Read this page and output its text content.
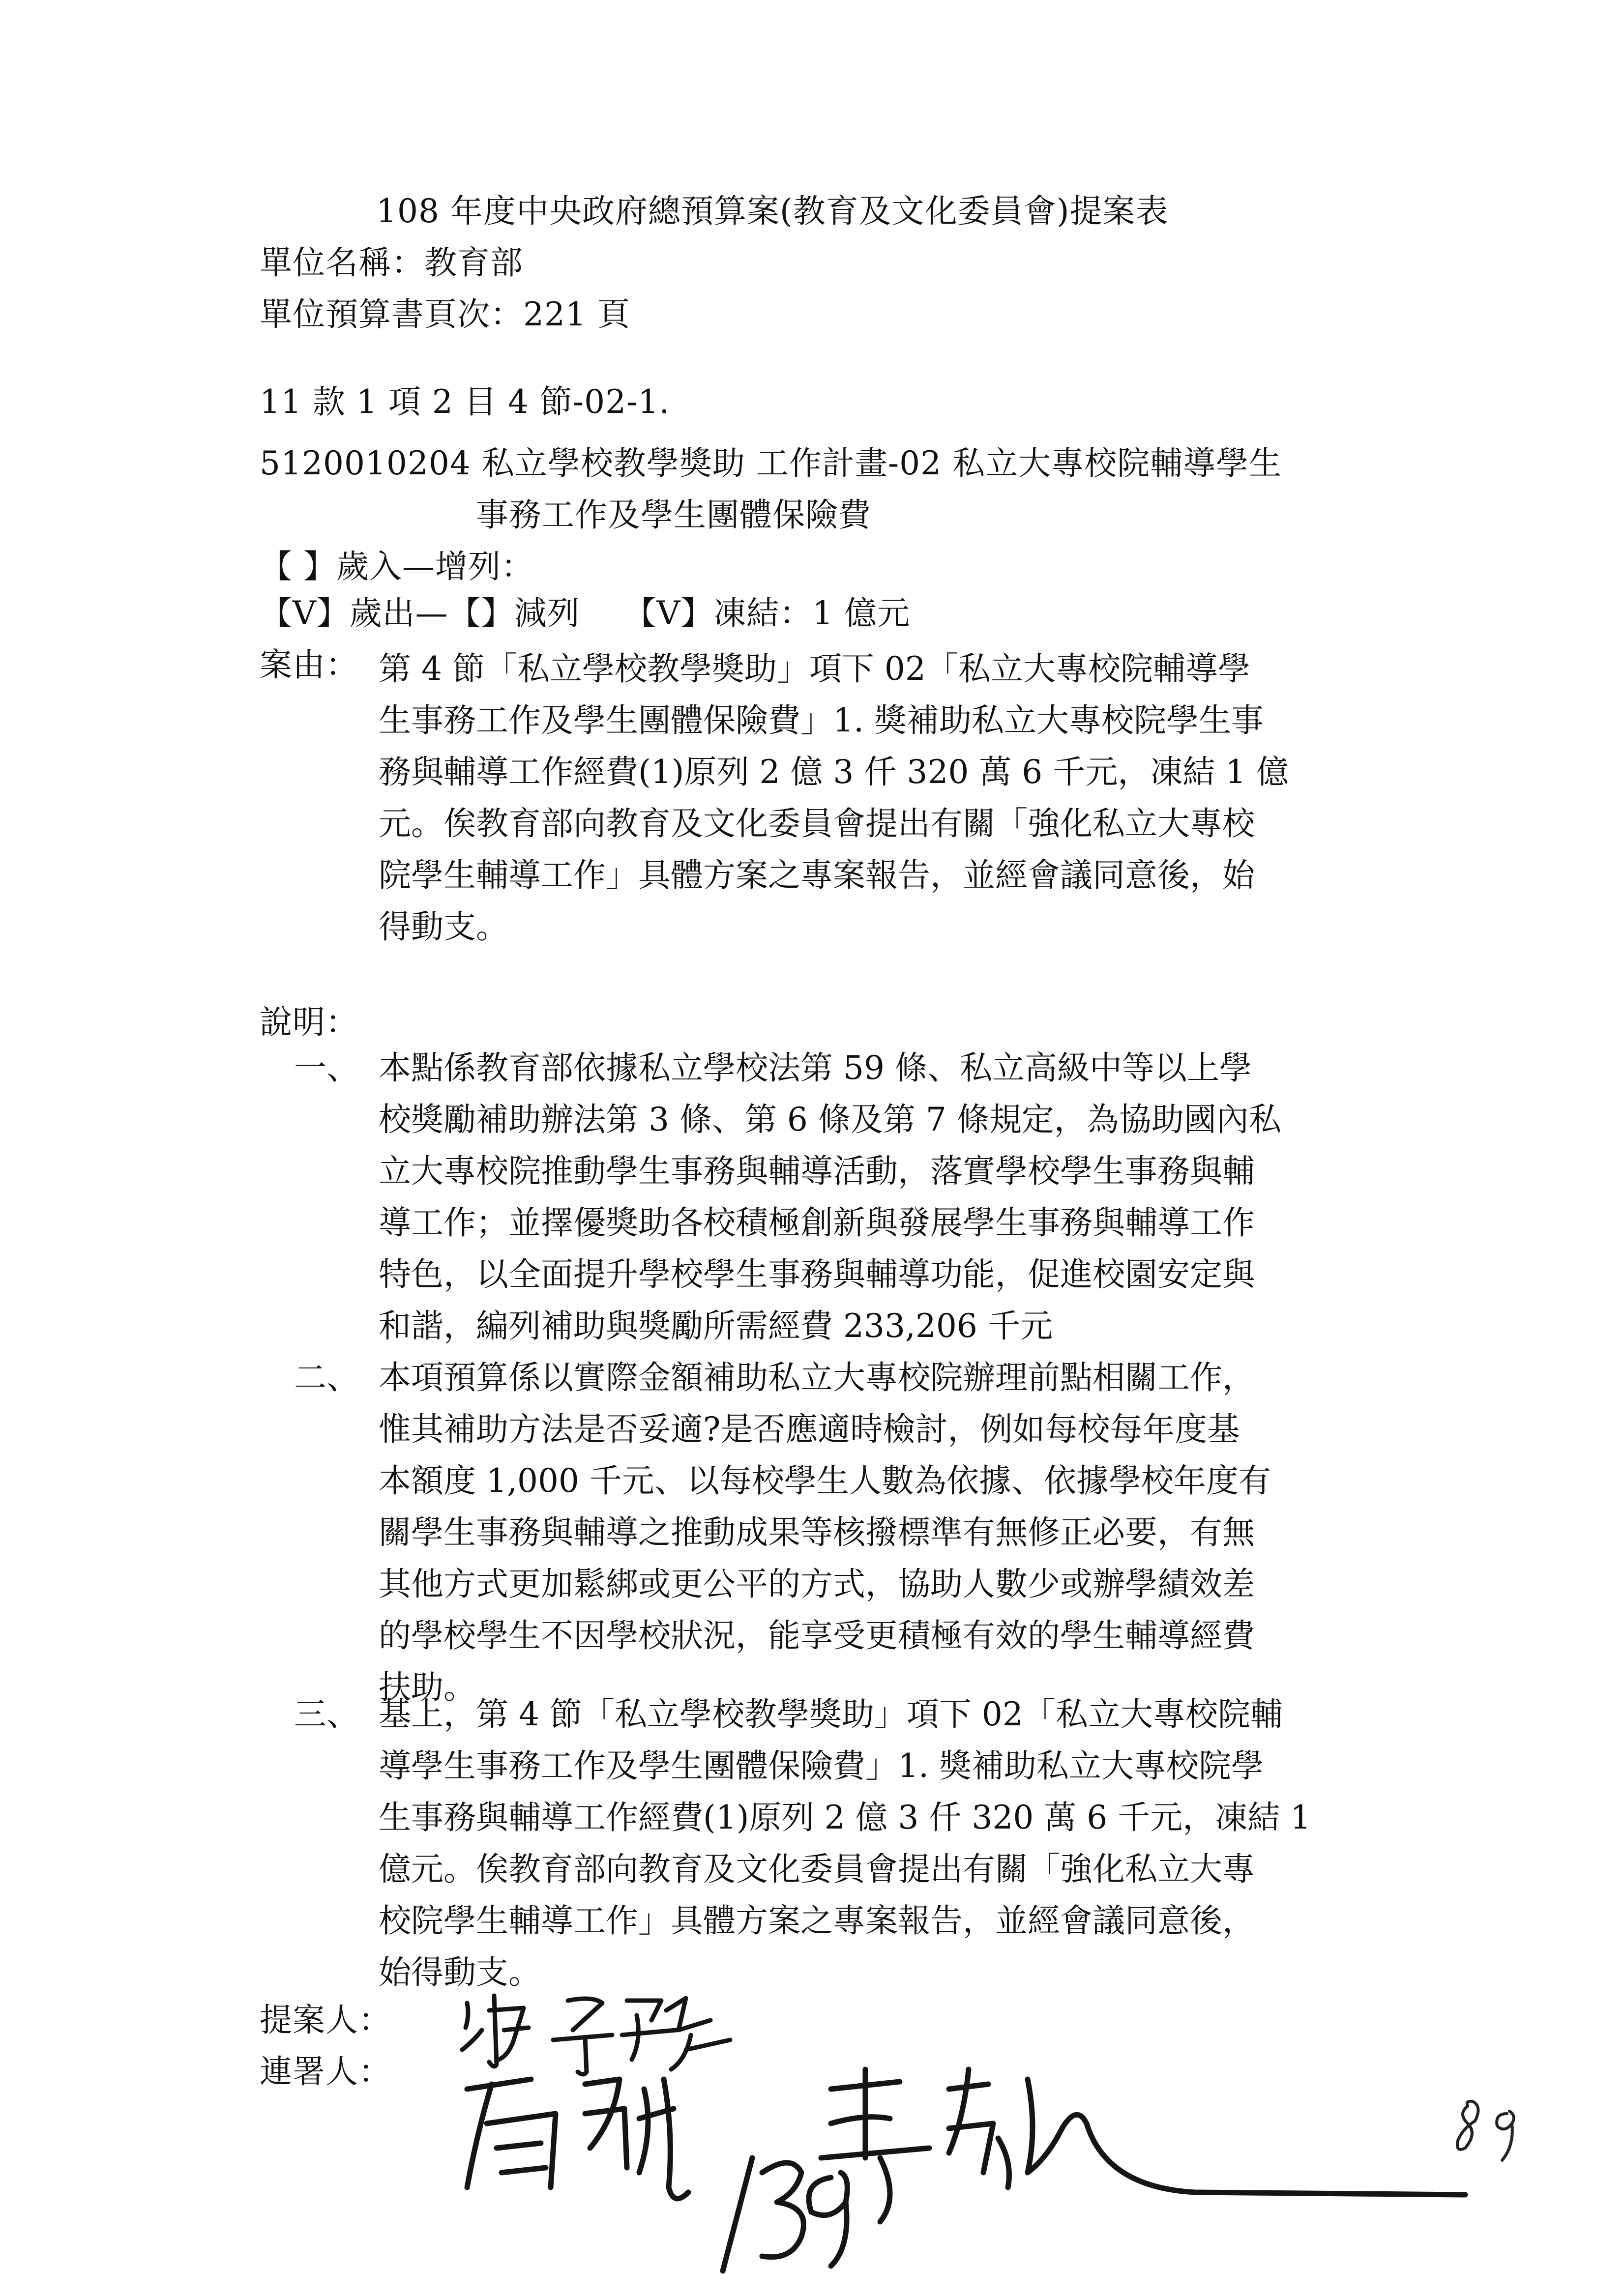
108 年度中央政府總預算案(教育及文化委員會)提案表
單位名稱：教育部
單位預算書頁次：221 頁
11 款 1 項 2 目 4 節-02-1.
5120010204 私立學校教學獎助 工作計畫-02 私立大專校院輔導學生
事務工作及學生團體保險費
【 】歲入—增列：
【V】歲出—【】減列　 【V】凍結：1 億元
案由： 第 4 節「私立學校教學獎助」項下 02「私立大專校院輔導學
生事務工作及學生團體保險費」1. 獎補助私立大專校院學生事
務與輔導工作經費(1)原列 2 億 3 仟 320 萬 6 千元，凍結 1 億
元。俟教育部向教育及文化委員會提出有關「強化私立大專校
院學生輔導工作」具體方案之專案報告，並經會議同意後，始
得動支。
說明：
一、 本點係教育部依據私立學校法第 59 條、私立高級中等以上學
校獎勵補助辦法第 3 條、第 6 條及第 7 條規定，為協助國內私
立大專校院推動學生事務與輔導活動，落實學校學生事務與輔
導工作；並擇優獎助各校積極創新與發展學生事務與輔導工作
特色，以全面提升學校學生事務與輔導功能，促進校園安定與
和諧，編列補助與獎勵所需經費 233,206 千元
二、 本項預算係以實際金額補助私立大專校院辦理前點相關工作，
惟其補助方法是否妥適?是否應適時檢討，例如每校每年度基
本額度 1,000 千元、以每校學生人數為依據、依據學校年度有
關學生事務與輔導之推動成果等核撥標準有無修正必要，有無
其他方式更加鬆綁或更公平的方式，協助人數少或辦學績效差
的學校學生不因學校狀況，能享受更積極有效的學生輔導經費
扶助。
三、 基上，第 4 節「私立學校教學獎助」項下 02「私立大專校院輔
導學生事務工作及學生團體保險費」1. 獎補助私立大專校院學
生事務與輔導工作經費(1)原列 2 億 3 仟 320 萬 6 千元，凍結 1
億元。俟教育部向教育及文化委員會提出有關「強化私立大專
校院學生輔導工作」具體方案之專案報告，並經會議同意後，
始得動支。
提案人：
連署人：
